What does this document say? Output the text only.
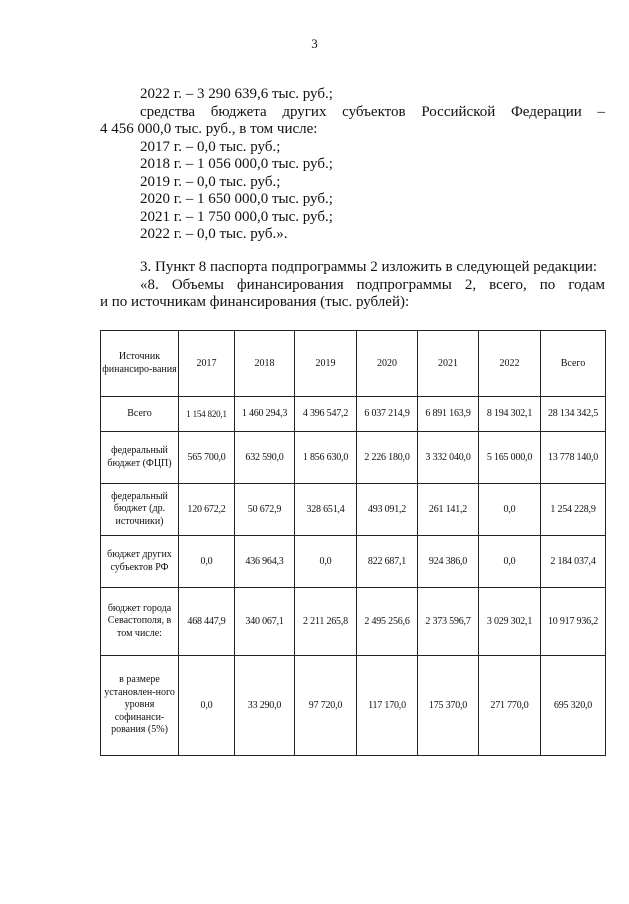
3
2022 г. – 3 290 639,6 тыс. руб.;
средства бюджета других субъектов Российской Федерации –
4 456 000,0 тыс. руб., в том числе:
2017 г. – 0,0 тыс. руб.;
2018 г. – 1 056 000,0 тыс. руб.;
2019 г. – 0,0 тыс. руб.;
2020 г. – 1 650 000,0 тыс. руб.;
2021 г. – 1 750 000,0 тыс. руб.;
2022 г. – 0,0 тыс. руб.».
3. Пункт 8 паспорта подпрограммы 2 изложить в следующей редакции:
«8. Объемы финансирования подпрограммы 2, всего, по годам
и по источникам финансирования (тыс. рублей):
Источник финансиро-вания	2017	2018	2019	2020	2021	2022	Всего
Всего	1 154 820,1	1 460 294,3	4 396 547,2	6 037 214,9	6 891 163,9	8 194 302,1	28 134 342,5
федеральный бюджет (ФЦП)	565 700,0	632 590,0	1 856 630,0	2 226 180,0	3 332 040,0	5 165 000,0	13 778 140,0
федеральный бюджет (др. источники)	120 672,2	50 672,9	328 651,4	493 091,2	261 141,2	0,0	1 254 228,9
бюджет других субъектов РФ	0,0	436 964,3	0,0	822 687,1	924 386,0	0,0	2 184 037,4
бюджет города Севастополя, в том числе:	468 447,9	340 067,1	2 211 265,8	2 495 256,6	2 373 596,7	3 029 302,1	10 917 936,2
в размере установлен-ного уровня софинанси-рования (5%)	0,0	33 290,0	97 720,0	117 170,0	175 370,0	271 770,0	695 320,0
